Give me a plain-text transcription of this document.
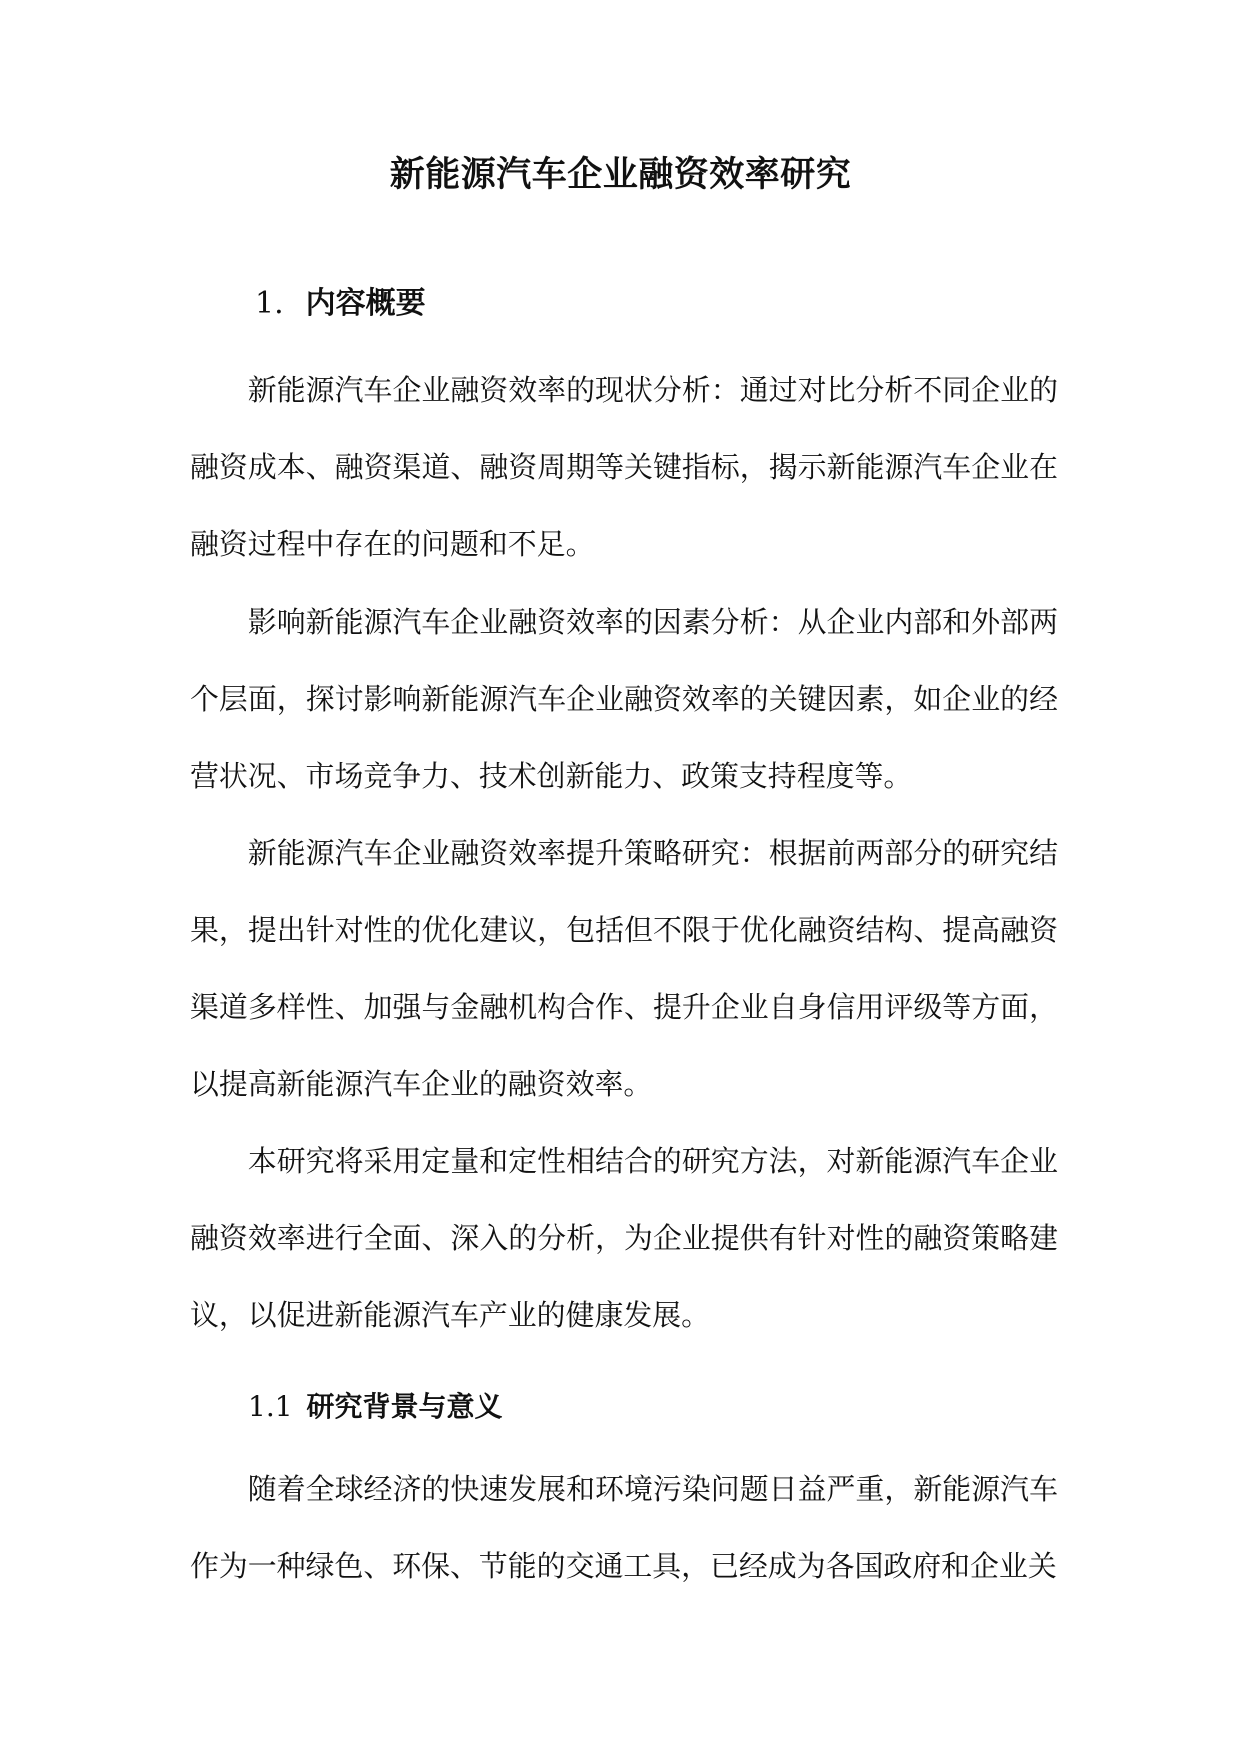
新能源汽车企业融资效率研究
1. 内容概要

新能源汽车企业融资效率的现状分析：通过对比分析不同企业的融资成本、融资渠道、融资周期等关键指标，揭示新能源汽车企业在融资过程中存在的问题和不足。

影响新能源汽车企业融资效率的因素分析：从企业内部和外部两个层面，探讨影响新能源汽车企业融资效率的关键因素，如企业的经营状况、市场竞争力、技术创新能力、政策支持程度等。

新能源汽车企业融资效率提升策略研究：根据前两部分的研究结果，提出针对性的优化建议，包括但不限于优化融资结构、提高融资渠道多样性、加强与金融机构合作、提升企业自身信用评级等方面，以提高新能源汽车企业的融资效率。

本研究将采用定量和定性相结合的研究方法，对新能源汽车企业融资效率进行全面、深入的分析，为企业提供有针对性的融资策略建议，以促进新能源汽车产业的健康发展。

1.1 研究背景与意义

随着全球经济的快速发展和环境污染问题日益严重，新能源汽车作为一种绿色、环保、节能的交通工具，已经成为各国政府和企业关
